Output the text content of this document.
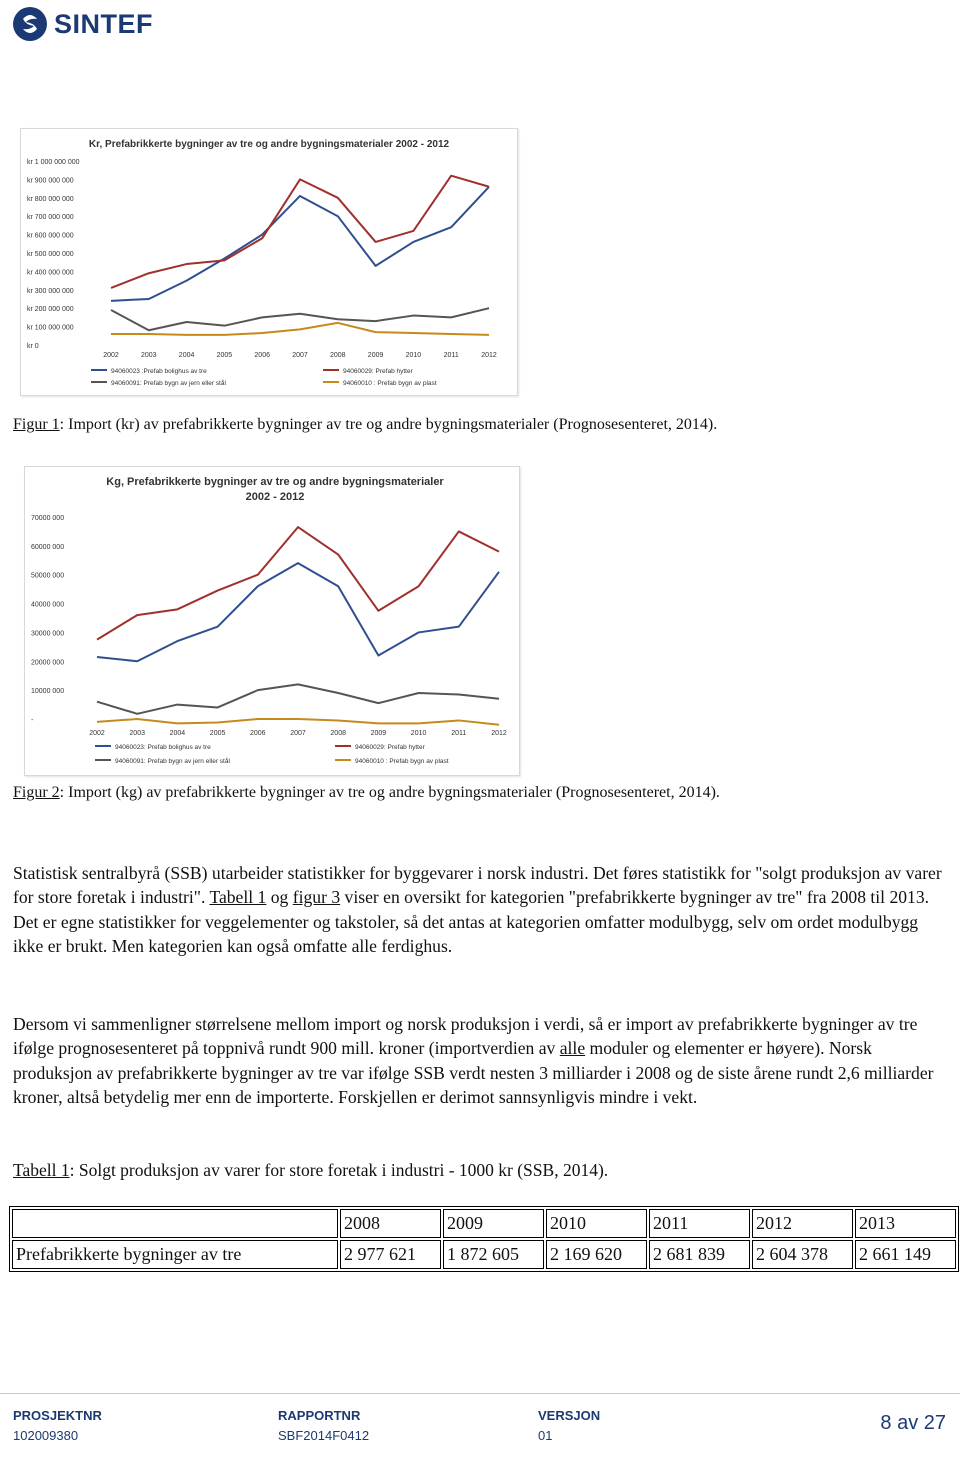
SINTEF
Kr, Prefabrikkerte bygninger av tre og andre bygningsmaterialer 2002 - 2012
kr 0
kr 100 000 000
kr 200 000 000
kr 300 000 000
kr 400 000 000
kr 500 000 000
kr 600 000 000
kr 700 000 000
kr 800 000 000
kr 900 000 000
kr 1 000 000 000
2002	2003	2004	2005	2006	2007	2008	2009	2010	2011	2012
94060023 :Prefab bolighus av tre	94060029: Prefab hytter
94060091: Prefab bygn av jern eller stål	94060010 : Prefab bygn av plast
Figur 1: Import (kr) av prefabrikkerte bygninger av tre og andre bygningsmaterialer (Prognosesenteret, 2014).
Kg, Prefabrikkerte bygninger av tre og andre bygningsmaterialer 2002 - 2012
-
10000 000
20000 000
30000 000
40000 000
50000 000
60000 000
70000 000
2002	2003	2004	2005	2006	2007	2008	2009	2010	2011	2012
94060023: Prefab bolighus av tre	94060029: Prefab hytter
94060091: Prefab bygn av jern eller stål	94060010 : Prefab bygn av plast
Figur 2: Import (kg) av prefabrikkerte bygninger av tre og andre bygningsmaterialer (Prognosesenteret, 2014).

Statistisk sentralbyrå (SSB) utarbeider statistikker for byggevarer i norsk industri. Det føres statistikk for "solgt produksjon av varer for store foretak i industri". Tabell 1 og figur 3 viser en oversikt for kategorien "prefabrikkerte bygninger av tre" fra 2008 til 2013. Det er egne statistikker for veggelementer og takstoler, så det antas at kategorien omfatter modulbygg, selv om ordet modulbygg ikke er brukt. Men kategorien kan også omfatte alle ferdighus.

Dersom vi sammenligner størrelsene mellom import og norsk produksjon i verdi, så er import av prefabrikkerte bygninger av tre ifølge prognosesenteret på toppnivå rundt 900 mill. kroner (importverdien av alle moduler og elementer er høyere). Norsk produksjon av prefabrikkerte bygninger av tre var ifølge SSB verdt nesten 3 milliarder i 2008 og de siste årene rundt 2,6 milliarder kroner, altså betydelig mer enn de importerte. Forskjellen er derimot sannsynligvis mindre i vekt.

Tabell 1: Solgt produksjon av varer for store foretak i industri - 1000 kr (SSB, 2014).
	2008	2009	2010	2011	2012	2013
Prefabrikkerte bygninger av tre	2 977 621	1 872 605	2 169 620	2 681 839	2 604 378	2 661 149
PROSJEKTNR
102009380
RAPPORTNR
SBF2014F0412
VERSJON
01
8 av 27
